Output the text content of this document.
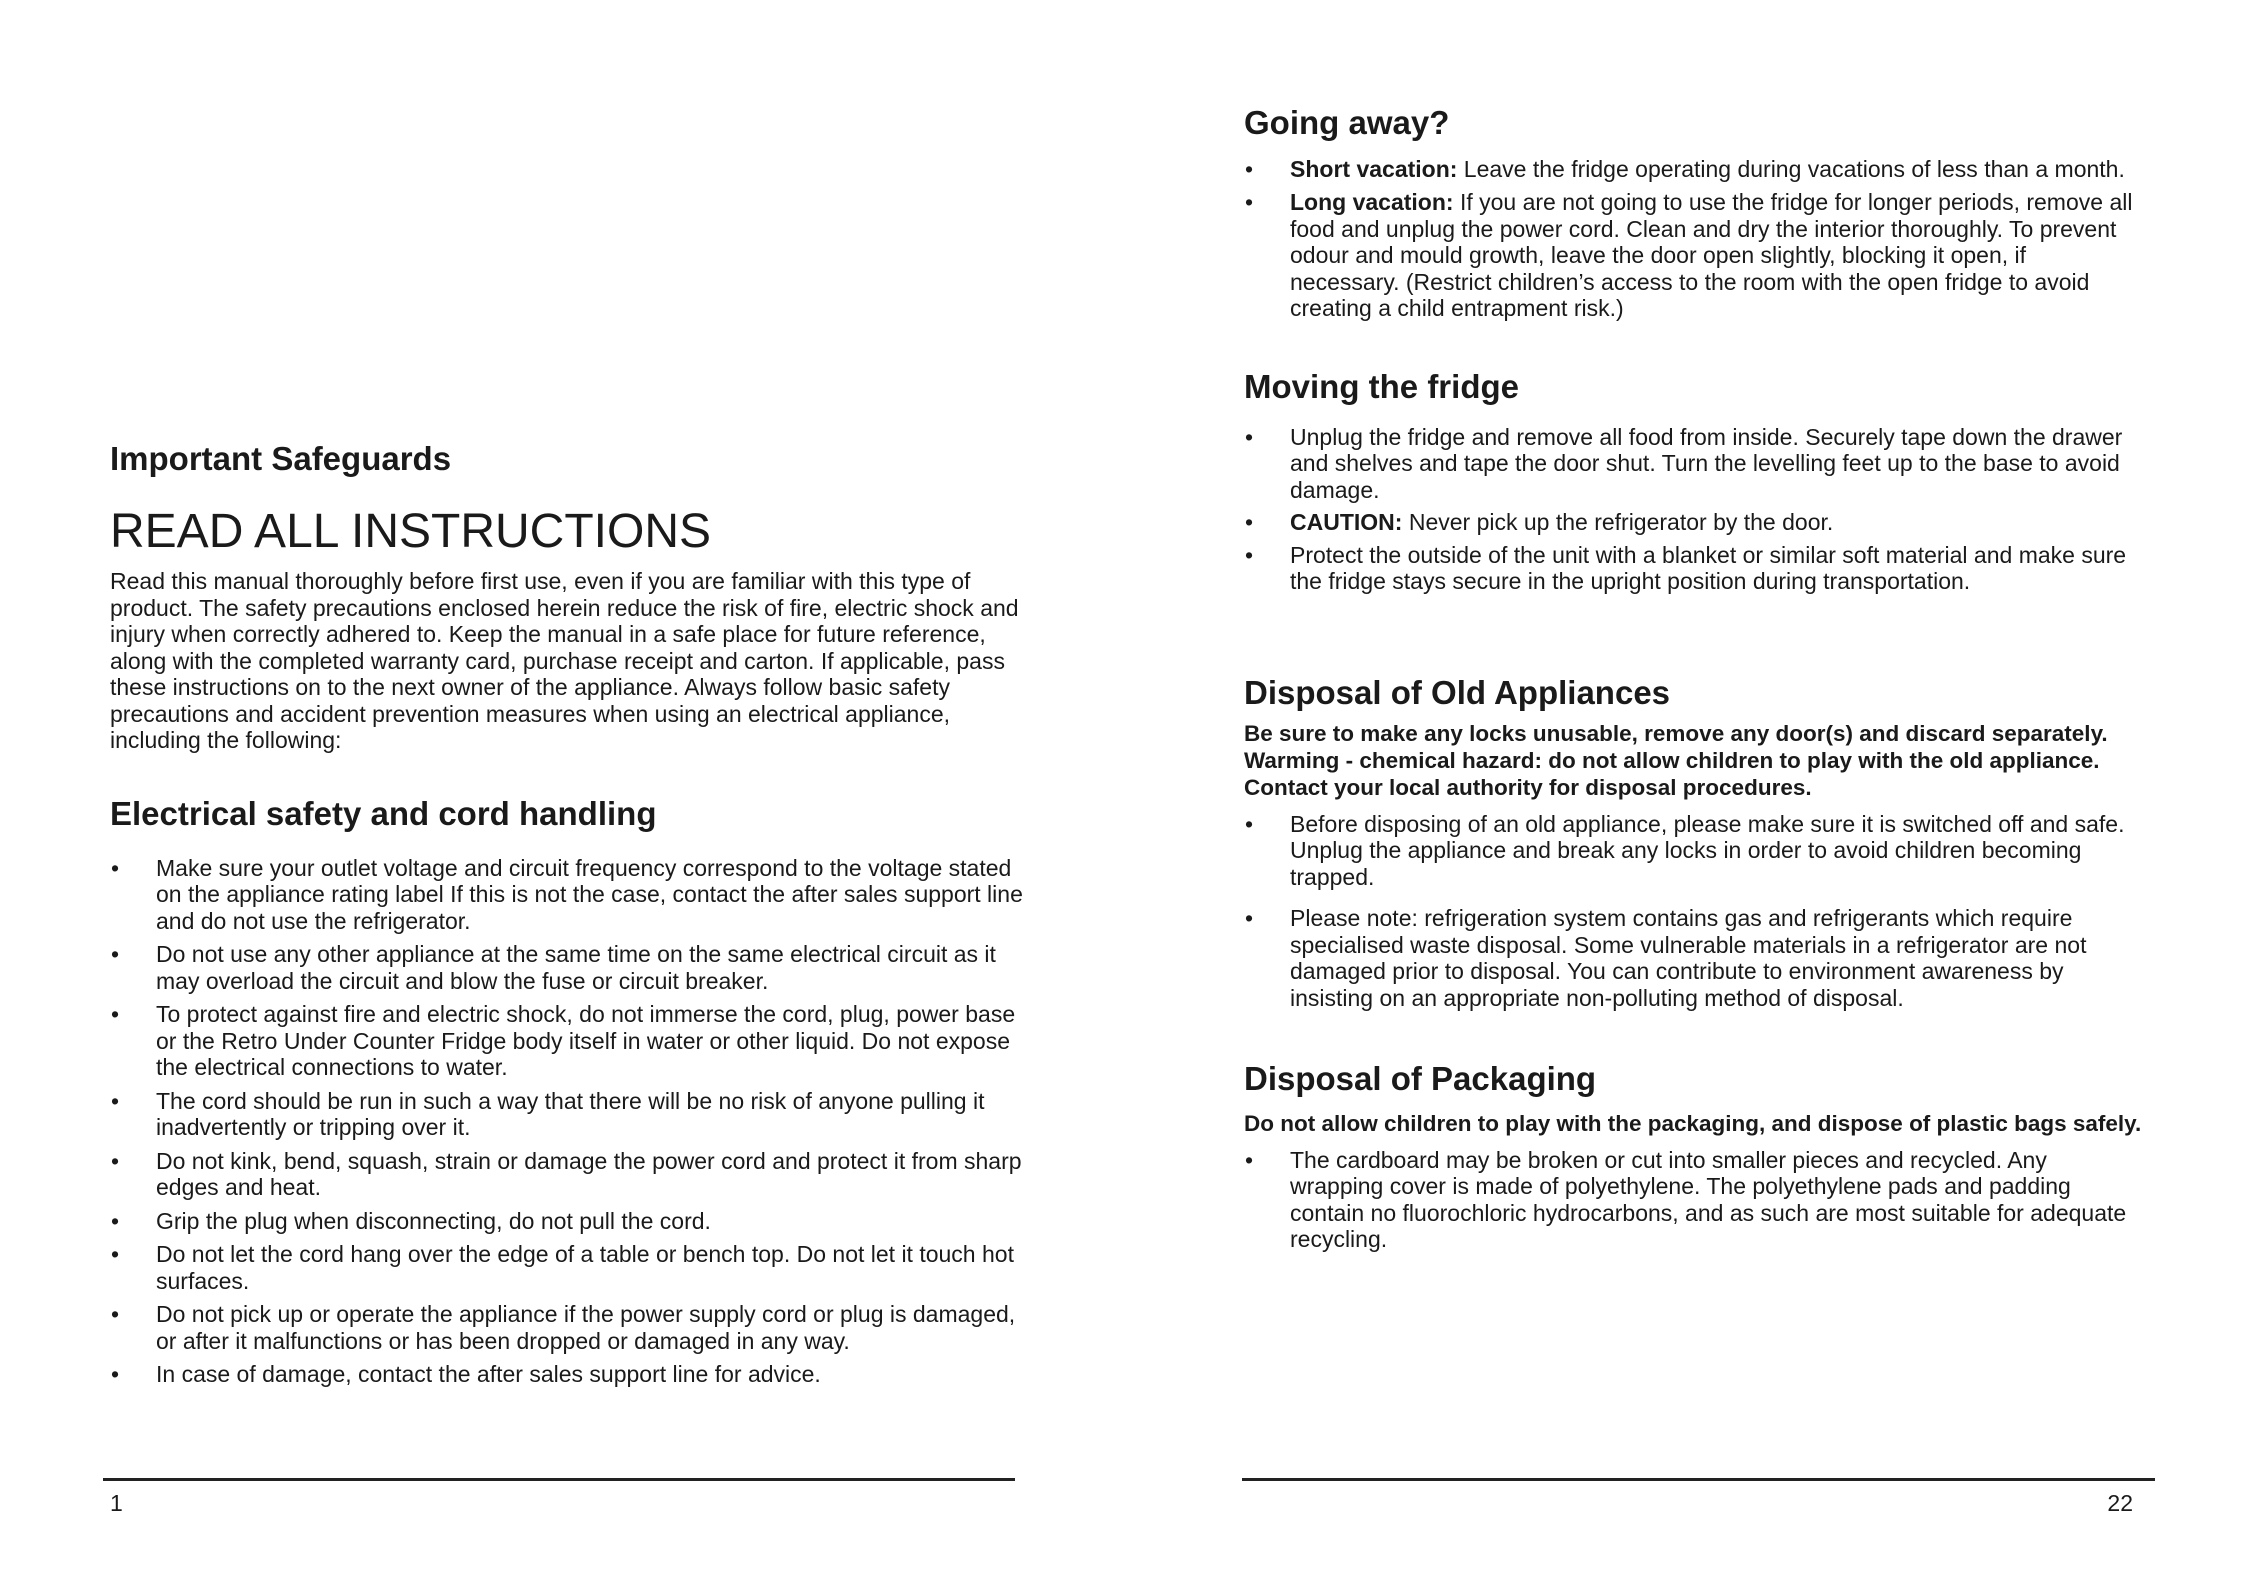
Important Safeguards
READ ALL INSTRUCTIONS

Read this manual thoroughly before first use, even if you are familiar with this type of product. The safety precautions enclosed herein reduce the risk of fire, electric shock and injury when correctly adhered to. Keep the manual in a safe place for future reference, along with the completed warranty card, purchase receipt and carton. If applicable, pass these instructions on to the next owner of the appliance. Always follow basic safety precautions and accident prevention measures when using an electrical appliance, including the following:

Electrical safety and cord handling
• Make sure your outlet voltage and circuit frequency correspond to the voltage stated on the appliance rating label If this is not the case, contact the after sales support line and do not use the refrigerator.
• Do not use any other appliance at the same time on the same electrical circuit as it may overload the circuit and blow the fuse or circuit breaker.
• To protect against fire and electric shock, do not immerse the cord, plug, power base or the Retro Under Counter Fridge body itself in water or other liquid. Do not expose the electrical connections to water.
• The cord should be run in such a way that there will be no risk of anyone pulling it inadvertently or tripping over it.
• Do not kink, bend, squash, strain or damage the power cord and protect it from sharp edges and heat.
• Grip the plug when disconnecting, do not pull the cord.
• Do not let the cord hang over the edge of a table or bench top. Do not let it touch hot surfaces.
• Do not pick up or operate the appliance if the power supply cord or plug is damaged, or after it malfunctions or has been dropped or damaged in any way.
• In case of damage, contact the after sales support line for advice.
1
Going away?
• Short vacation: Leave the fridge operating during vacations of less than a month.
• Long vacation: If you are not going to use the fridge for longer periods, remove all food and unplug the power cord. Clean and dry the interior thoroughly. To prevent odour and mould growth, leave the door open slightly, blocking it open, if necessary. (Restrict children’s access to the room with the open fridge to avoid creating a child entrapment risk.)
Moving the fridge
• Unplug the fridge and remove all food from inside. Securely tape down the drawer and shelves and tape the door shut. Turn the levelling feet up to the base to avoid damage.
• CAUTION: Never pick up the refrigerator by the door.
• Protect the outside of the unit with a blanket or similar soft material and make sure the fridge stays secure in the upright position during transportation.
Disposal of Old Appliances
Be sure to make any locks unusable, remove any door(s) and discard separately.
Warming - chemical hazard: do not allow children to play with the old appliance.
Contact your local authority for disposal procedures.
• Before disposing of an old appliance, please make sure it is switched off and safe. Unplug the appliance and break any locks in order to avoid children becoming trapped.
• Please note: refrigeration system contains gas and refrigerants which require specialised waste disposal. Some vulnerable materials in a refrigerator are not damaged prior to disposal. You can contribute to environment awareness by insisting on an appropriate non-polluting method of disposal.
Disposal of Packaging
Do not allow children to play with the packaging, and dispose of plastic bags safely.
• The cardboard may be broken or cut into smaller pieces and recycled. Any wrapping cover is made of polyethylene. The polyethylene pads and padding contain no fluorochloric hydrocarbons, and as such are most suitable for adequate recycling.
22
